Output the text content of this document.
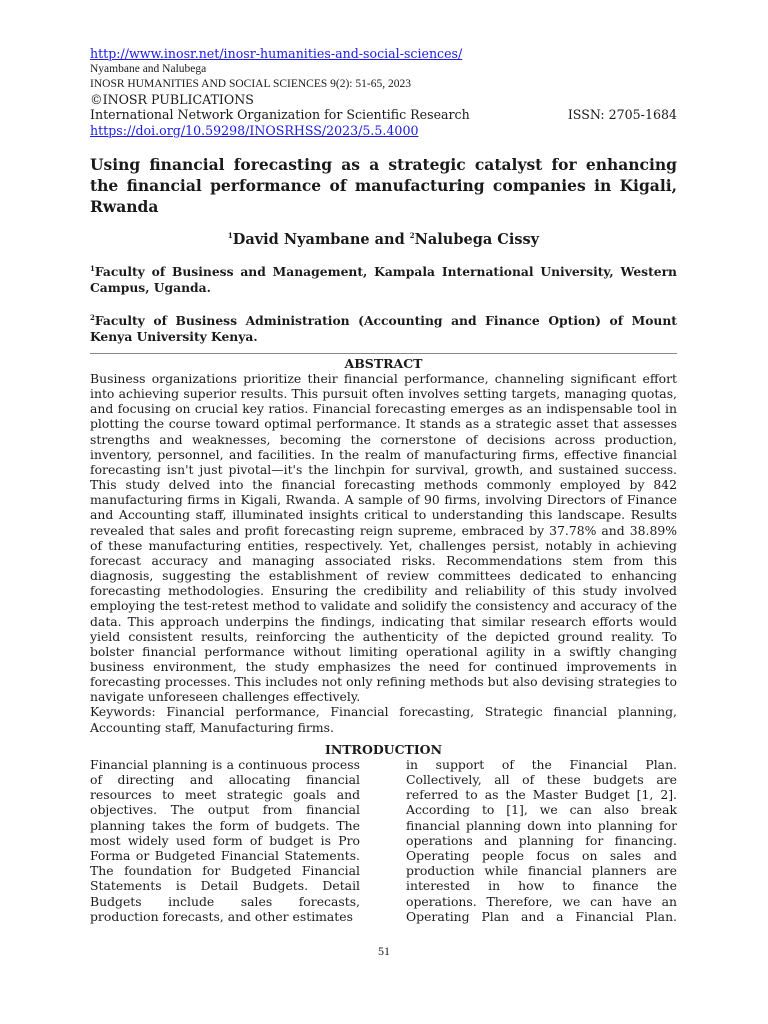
http://www.inosr.net/inosr-humanities-and-social-sciences/
Nyambane and Nalubega
INOSR HUMANITIES AND SOCIAL SCIENCES 9(2): 51-65, 2023
©INOSR PUBLICATIONS
International Network Organization for Scientific Research	ISSN: 2705-1684
https://doi.org/10.59298/INOSRHSS/2023/5.5.4000
Using financial forecasting as a strategic catalyst for enhancing the financial performance of manufacturing companies in Kigali, Rwanda
$^1$David Nyambane and $^2$Nalubega Cissy
$^1$Faculty of Business and Management, Kampala International University, Western Campus, Uganda.
$^2$Faculty of Business Administration (Accounting and Finance Option) of Mount Kenya University Kenya.
ABSTRACT
Business organizations prioritize their financial performance, channeling significant effort into achieving superior results. This pursuit often involves setting targets, managing quotas, and focusing on crucial key ratios. Financial forecasting emerges as an indispensable tool in plotting the course toward optimal performance. It stands as a strategic asset that assesses strengths and weaknesses, becoming the cornerstone of decisions across production, inventory, personnel, and facilities. In the realm of manufacturing firms, effective financial forecasting isn't just pivotal—it's the linchpin for survival, growth, and sustained success. This study delved into the financial forecasting methods commonly employed by 842 manufacturing firms in Kigali, Rwanda. A sample of 90 firms, involving Directors of Finance and Accounting staff, illuminated insights critical to understanding this landscape. Results revealed that sales and profit forecasting reign supreme, embraced by 37.78% and 38.89% of these manufacturing entities, respectively. Yet, challenges persist, notably in achieving forecast accuracy and managing associated risks. Recommendations stem from this diagnosis, suggesting the establishment of review committees dedicated to enhancing forecasting methodologies. Ensuring the credibility and reliability of this study involved employing the test-retest method to validate and solidify the consistency and accuracy of the data. This approach underpins the findings, indicating that similar research efforts would yield consistent results, reinforcing the authenticity of the depicted ground reality. To bolster financial performance without limiting operational agility in a swiftly changing business environment, the study emphasizes the need for continued improvements in forecasting processes. This includes not only refining methods but also devising strategies to navigate unforeseen challenges effectively.
Keywords: Financial performance, Financial forecasting, Strategic financial planning, Accounting staff, Manufacturing firms.
INTRODUCTION
Financial planning is a continuous process of directing and allocating financial resources to meet strategic goals and objectives. The output from financial planning takes the form of budgets. The most widely used form of budget is Pro Forma or Budgeted Financial Statements. The foundation for Budgeted Financial Statements is Detail Budgets. Detail Budgets include sales forecasts, production forecasts, and other estimates
in support of the Financial Plan. Collectively, all of these budgets are referred to as the Master Budget [1, 2]. According to [1], we can also break financial planning down into planning for operations and planning for financing. Operating people focus on sales and production while financial planners are interested in how to finance the operations. Therefore, we can have an Operating Plan and a Financial Plan.
51
